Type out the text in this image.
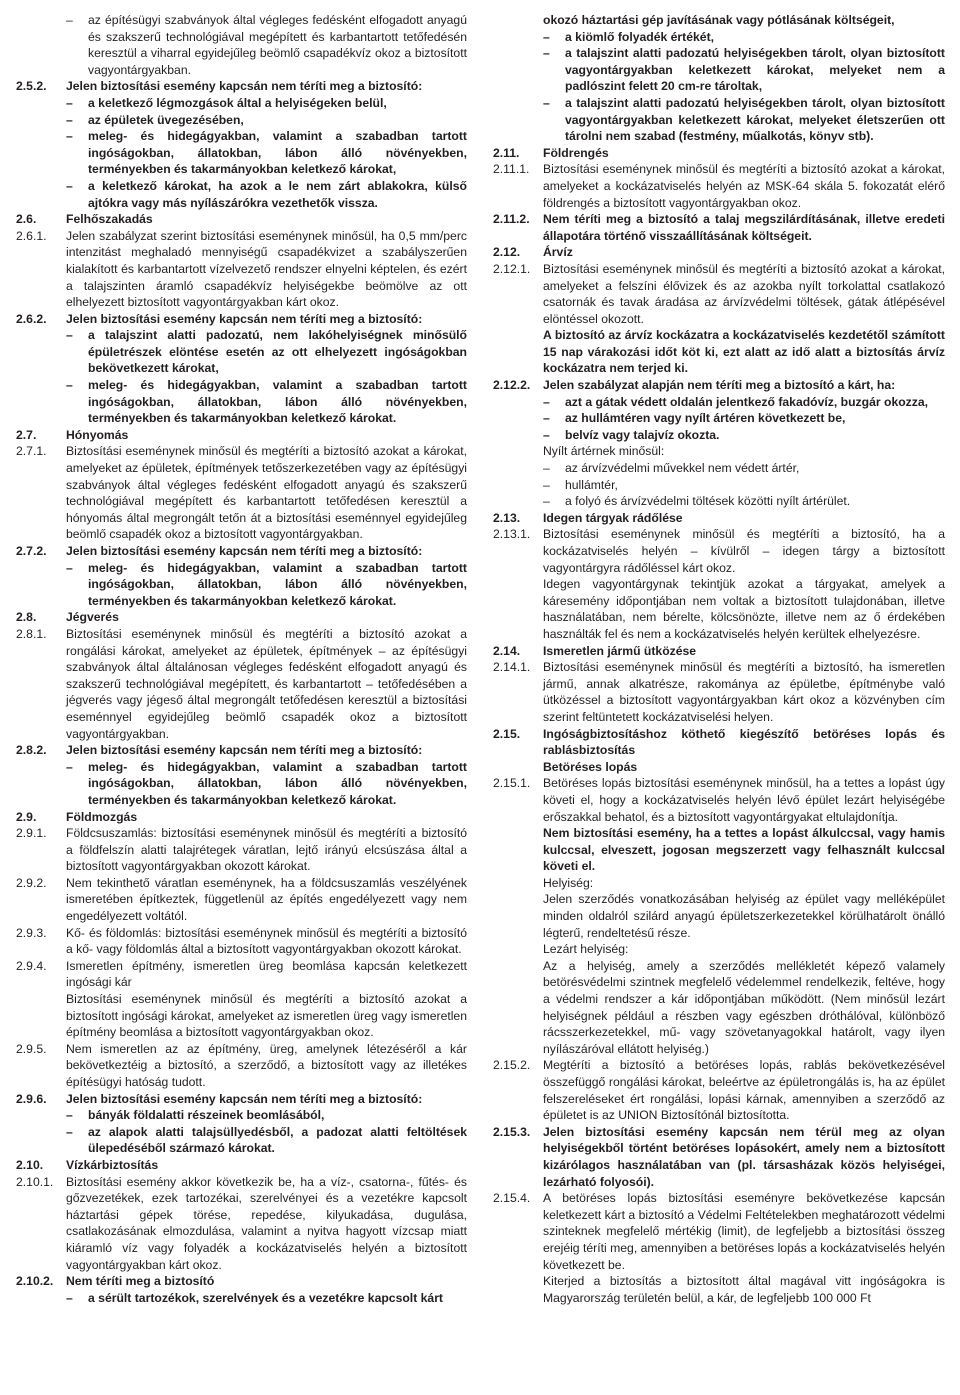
–	az építésügyi szabványok által végleges fedésként elfogadott anyagú és szakszerű technológiával megépített és karbantartott tetőfedésén keresztül a viharral egyidejűleg beömlő csapadékvíz okoz a biztosított vagyontárgyakban.
2.5.2.	Jelen biztosítási esemény kapcsán nem téríti meg a biztosító:
–	a keletkező légmozgások által a helyiségeken belül,
–	az épületek üvegezésében,
–	meleg- és hidegágyakban, valamint a szabadban tartott ingóságokban, állatokban, lábon álló növényekben, terményekben és takarmányokban keletkező károkat,
–	a keletkező károkat, ha azok a le nem zárt ablakokra, külső ajtókra vagy más nyílászárókra vezethetők vissza.
2.6.	Felhőszakadás
2.6.1.	Jelen szabályzat szerint biztosítási eseménynek minősül, ha 0,5 mm/perc intenzitást meghaladó mennyiségű csapadékvizet a szabályszerűen kialakított és karbantartott vízelvezető rendszer elnyelni képtelen, és ezért a talajszinten áramló csapadékvíz helyiségekbe beömölve az ott elhelyezett biztosított vagyontárgyakban kárt okoz.
2.6.2.	Jelen biztosítási esemény kapcsán nem téríti meg a biztosító:
–	a talajszint alatti padozatú, nem lakóhelyiségnek minősülő épületrészek elöntése esetén az ott elhelyezett ingóságokban bekövetkezett károkat,
–	meleg- és hidegágyakban, valamint a szabadban tartott ingóságokban, állatokban, lábon álló növényekben, terményekben és takarmányokban keletkező károkat.
2.7.	Hónyomás
2.7.1.	Biztosítási eseménynek minősül és megtéríti a biztosító azokat a károkat, amelyeket az épületek, építmények tetőszerkezetében vagy az építésügyi szabványok által végleges fedésként elfogadott anyagú és szakszerű technológiával megépített és karbantartott tetőfedésen keresztül a hónyomás által megrongált tetőn át a biztosítási eseménnyel egyidejűleg beömlő csapadék okoz a biztosított vagyontárgyakban.
2.7.2.	Jelen biztosítási esemény kapcsán nem téríti meg a biztosító:
–	meleg- és hidegágyakban, valamint a szabadban tartott ingóságokban, állatokban, lábon álló növényekben, terményekben és takarmányokban keletkező károkat.
2.8.	Jégverés
2.8.1.	Biztosítási eseménynek minősül és megtéríti a biztosító azokat a rongálási károkat, amelyeket az épületek, építmények – az építésügyi szabványok által általánosan végleges fedésként elfogadott anyagú és szakszerű technológiával megépített, és karbantartott – tetőfedésében a jégverés vagy jégeső által megrongált tetőfedésen keresztül a biztosítási eseménnyel egyidejűleg beömlő csapadék okoz a biztosított vagyontárgyakban.
2.8.2.	Jelen biztosítási esemény kapcsán nem téríti meg a biztosító:
–	meleg- és hidegágyakban, valamint a szabadban tartott ingóságokban, állatokban, lábon álló növényekben, terményekben és takarmányokban keletkező károkat.
2.9.	Földmozgás
2.9.1.	Földcsuszamlás: biztosítási eseménynek minősül és megtéríti a biztosító a földfelszín alatti talajrétegek váratlan, lejtő irányú elcsúszása által a biztosított vagyontárgyakban okozott károkat.
2.9.2.	Nem tekinthető váratlan eseménynek, ha a földcsuszamlás veszélyének ismeretében építkeztek, függetlenül az építés engedélyezett vagy nem engedélyezett voltától.
2.9.3.	Kő- és földomlás: biztosítási eseménynek minősül és megtéríti a biztosító a kő- vagy földomlás által a biztosított vagyontárgyakban okozott károkat.
2.9.4.	Ismeretlen építmény, ismeretlen üreg beomlása kapcsán keletkezett ingósági kár
Biztosítási eseménynek minősül és megtéríti a biztosító azokat a biztosított ingósági károkat, amelyeket az ismeretlen üreg vagy ismeretlen építmény beomlása a biztosított vagyontárgyakban okoz.
2.9.5.	Nem ismeretlen az az építmény, üreg, amelynek létezéséről a kár bekövetkeztéig a biztosító, a szerződő, a biztosított vagy az illetékes építésügyi hatóság tudott.
2.9.6.	Jelen biztosítási esemény kapcsán nem téríti meg a biztosító:
–	bányák földalatti részeinek beomlásából,
–	az alapok alatti talajsüllyedésből, a padozat alatti feltöltések ülepedéséből származó károkat.
2.10.	Vízkárbiztosítás
2.10.1.	Biztosítási esemény akkor következik be, ha a víz-, csatorna-, fűtés- és gőzvezetékek, ezek tartozékai, szerelvényei és a vezetékre kapcsolt háztartási gépek törése, repedése, kilyukadása, dugulása, csatlakozásának elmozdulása, valamint a nyitva hagyott vízcsap miatt kiáramló víz vagy folyadék a kockázatviselés helyén a biztosított vagyontárgyakban kárt okoz.
2.10.2.	Nem téríti meg a biztosító
–	a sérült tartozékok, szerelvények és a vezetékre kapcsolt kárt
okozó háztartási gép javításának vagy pótlásának költségeit,
–	a kiömlő folyadék értékét,
–	a talajszint alatti padozatú helyiségekben tárolt, olyan biztosított vagyontárgyakban keletkezett károkat, melyeket nem a padlószint felett 20 cm-re tároltak,
–	a talajszint alatti padozatú helyiségekben tárolt, olyan biztosított vagyontárgyakban keletkezett károkat, melyeket életszerűen ott tárolni nem szabad (festmény, műalkotás, könyv stb).
2.11.	Földrengés
2.11.1.	Biztosítási eseménynek minősül és megtéríti a biztosító azokat a károkat, amelyeket a kockázatviselés helyén az MSK-64 skála 5. fokozatát elérő földrengés a biztosított vagyontárgyakban okoz.
2.11.2.	Nem téríti meg a biztosító a talaj megszilárdításának, illetve eredeti állapotára történő visszaállításának költségeit.
2.12.	Árvíz
2.12.1.	Biztosítási eseménynek minősül és megtéríti a biztosító azokat a károkat, amelyeket a felszíni élővizek és az azokba nyílt torkolattal csatlakozó csatornák és tavak áradása az árvízvédelmi töltések, gátak átlépésével elöntéssel okozott.
A biztosító az árvíz kockázatra a kockázatviselés kezdetétől számított 15 nap várakozási időt köt ki, ezt alatt az idő alatt a biztosítás árvíz kockázatra nem terjed ki.
2.12.2.	Jelen szabályzat alapján nem téríti meg a biztosító a kárt, ha:
–	azt a gátak védett oldalán jelentkező fakadóvíz, buzgár okozza,
–	az hullámtéren vagy nyílt ártéren következett be,
–	belvíz vagy talajvíz okozta.
Nyílt ártérnek minősül:
–	az árvízvédelmi művekkel nem védett ártér,
–	hullámtér,
–	a folyó és árvízvédelmi töltések közötti nyílt ártérület.
2.13.	Idegen tárgyak rádőlése
2.13.1.	Biztosítási eseménynek minősül és megtéríti a biztosító, ha a kockázatviselés helyén – kívülről – idegen tárgy a biztosított vagyontárgyra rádőléssel kárt okoz.
Idegen vagyontárgynak tekintjük azokat a tárgyakat, amelyek a káresemény időpontjában nem voltak a biztosított tulajdonában, illetve használatában, nem bérelte, kölcsönözte, illetve nem az ő érdekében használták fel és nem a kockázatviselés helyén kerültek elhelyezésre.
2.14.	Ismeretlen jármű ütközése
2.14.1.	Biztosítási eseménynek minősül és megtéríti a biztosító, ha ismeretlen jármű, annak alkatrésze, rakománya az épületbe, építménybe való ütközéssel a biztosított vagyontárgyakban kárt okoz a közvényben cím szerint feltüntetett kockázatviselési helyen.
2.15.	Ingóságbiztosításhoz köthető kiegészítő betöréses lopás és rablásbiztosítás
Betöréses lopás
2.15.1.	Betöréses lopás biztosítási eseménynek minősül, ha a tettes a lopást úgy követi el, hogy a kockázatviselés helyén lévő épület lezárt helyiségébe erőszakkal behatol, és a biztosított vagyontárgyakat eltulajdonítja.
Nem biztosítási esemény, ha a tettes a lopást álkulccsal, vagy hamis kulccsal, elveszett, jogosan megszerzett vagy felhasznált kulccsal követi el.
Helyiség:
Jelen szerződés vonatkozásában helyiség az épület vagy melléképület minden oldalról szilárd anyagú épületszerkezetekkel körülhatárolt önálló légterű, rendeltetésű része.
Lezárt helyiség:
Az a helyiség, amely a szerződés mellékletét képező valamely betörésvédelmi szintnek megfelelő védelemmel rendelkezik, feltéve, hogy a védelmi rendszer a kár időpontjában működött. (Nem minősül lezárt helyiségnek például a részben vagy egészben dróthálóval, különböző rácsszerkezetekkel, mű- vagy szövetanyagokkal határolt, vagy ilyen nyílászáróval ellátott helyiség.)
2.15.2.	Megtéríti a biztosító a betöréses lopás, rablás bekövetkezésével összefüggő rongálási károkat, beleértve az épületrongálás is, ha az épület felszereléseket ért rongálási, lopási kárnak, amennyiben a szerződő az épületet is az UNION Biztosítónál biztosította.
2.15.3.	Jelen biztosítási esemény kapcsán nem térül meg az olyan helyiségekből történt betöréses lopásokért, amely nem a biztosított kizárólagos használatában van (pl. társasházak közös helyiségei, lezárható folyosói).
2.15.4.	A betöréses lopás biztosítási eseményre bekövetkezése kapcsán keletkezett kárt a biztosító a Védelmi Feltételekben meghatározott védelmi szinteknek megfelelő mértékig (limit), de legfeljebb a biztosítási összeg erejéig téríti meg, amennyiben a betöréses lopás a kockázatviselés helyén következett be.
Kiterjed a biztosítás a biztosított által magával vitt ingóságokra is Magyarország területén belül, a kár, de legfeljebb 100 000 Ft
